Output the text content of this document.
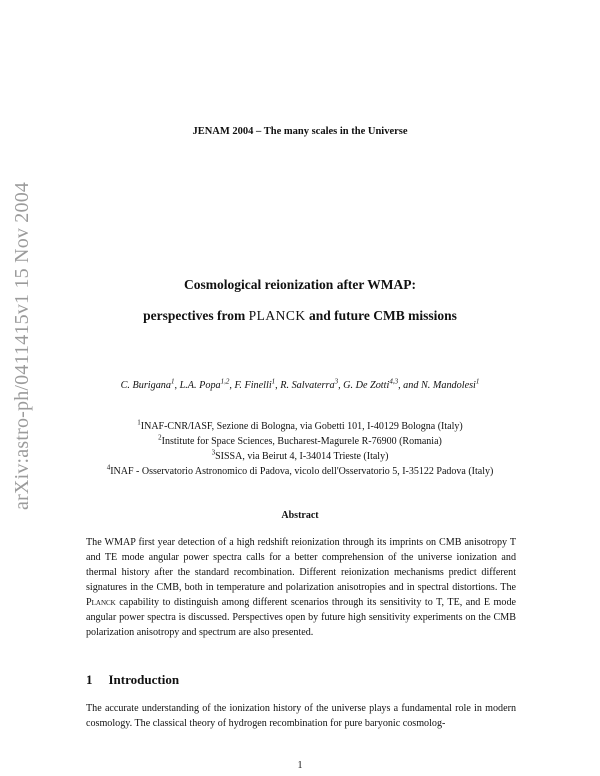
arXiv:astro-ph/0411415v1 15 Nov 2004
JENAM 2004 – The many scales in the Universe
Cosmological reionization after WMAP:
perspectives from PLANCK and future CMB missions
C. Burigana$^1$, L.A. Popa$^{1,2}$, F. Finelli$^1$, R. Salvaterra$^3$, G. De Zotti$^{4,3}$, and N. Mandolesi$^1$
$^1$INAF-CNR/IASF, Sezione di Bologna, via Gobetti 101, I-40129 Bologna (Italy)
$^2$Institute for Space Sciences, Bucharest-Magurele R-76900 (Romania)
$^3$SISSA, via Beirut 4, I-34014 Trieste (Italy)
$^4$INAF - Osservatorio Astronomico di Padova, vicolo dell'Osservatorio 5, I-35122 Padova (Italy)
Abstract
The WMAP first year detection of a high redshift reionization through its imprints on CMB anisotropy T and TE mode angular power spectra calls for a better comprehension of the universe ionization and thermal history after the standard recombination. Different reionization mechanisms predict different signatures in the CMB, both in temperature and polarization anisotropies and in spectral distortions. The Planck capability to distinguish among different scenarios through its sensitivity to T, TE, and E mode angular power spectra is discussed. Perspectives open by future high sensitivity experiments on the CMB polarization anisotropy and spectrum are also presented.
1 Introduction
The accurate understanding of the ionization history of the universe plays a fundamental role in modern cosmology. The classical theory of hydrogen recombination for pure baryonic cosmolog-
1
